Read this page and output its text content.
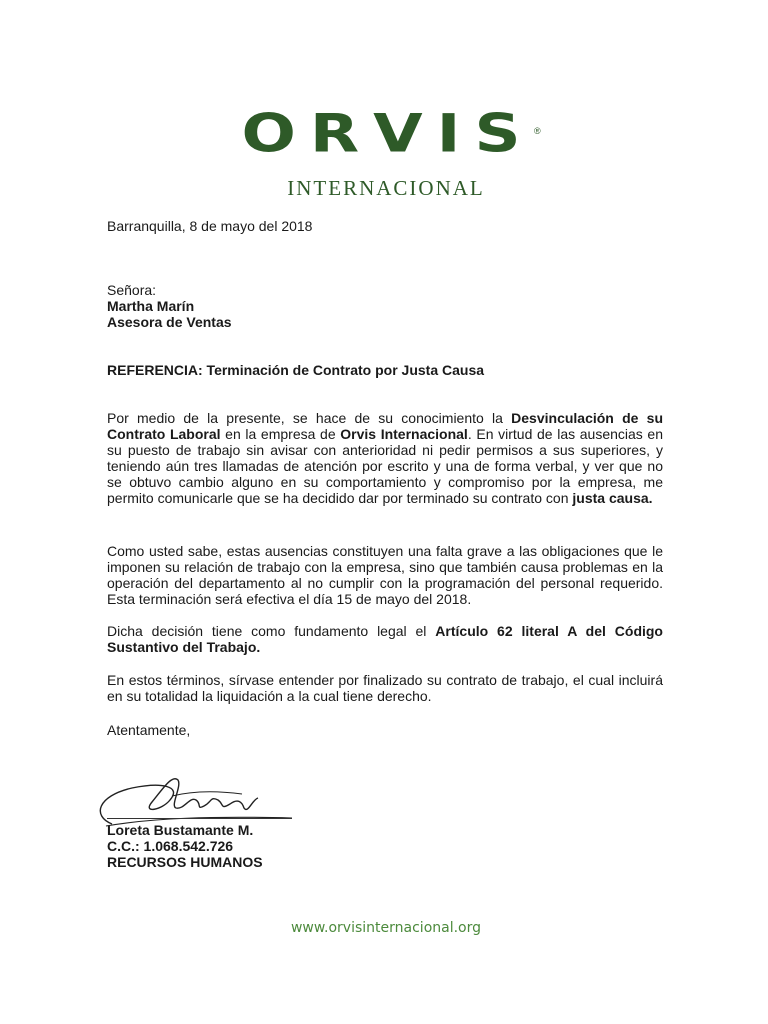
ORVIS ®
INTERNACIONAL
Barranquilla, 8 de mayo del 2018
Señora:
Martha Marín
Asesora de Ventas
REFERENCIA: Terminación de Contrato por Justa Causa
Por medio de la presente, se hace de su conocimiento la Desvinculación de su Contrato Laboral en la empresa de Orvis Internacional. En virtud de las ausencias en su puesto de trabajo sin avisar con anterioridad ni pedir permisos a sus superiores, y teniendo aún tres llamadas de atención por escrito y una de forma verbal, y ver que no se obtuvo cambio alguno en su comportamiento y compromiso por la empresa, me permito comunicarle que se ha decidido dar por terminado su contrato con justa causa.
Como usted sabe, estas ausencias constituyen una falta grave a las obligaciones que le imponen su relación de trabajo con la empresa, sino que también causa problemas en la operación del departamento al no cumplir con la programación del personal requerido. Esta terminación será efectiva el día 15 de mayo del 2018.
Dicha decisión tiene como fundamento legal el Artículo 62 literal A del Código Sustantivo del Trabajo.
En estos términos, sírvase entender por finalizado su contrato de trabajo, el cual incluirá en su totalidad la liquidación a la cual tiene derecho.
Atentamente,
Loreta Bustamante M.
C.C.: 1.068.542.726
RECURSOS HUMANOS
www.orvisinternacional.org
